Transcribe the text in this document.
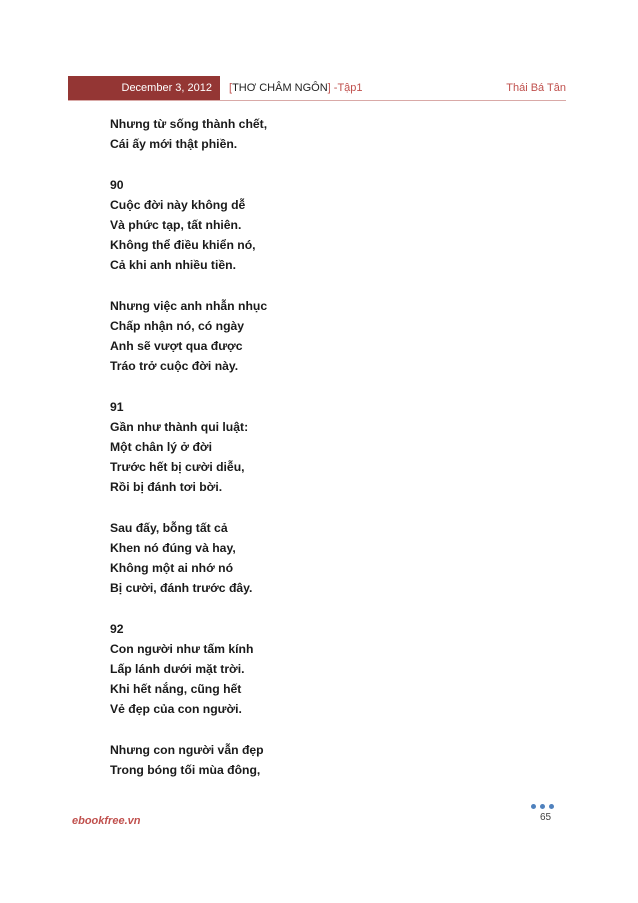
December 3, 2012	[THƠ CHÂM NGÔN] -Tập1	Thái Bá Tân
Nhưng từ sống thành chết,
Cái ấy mới thật phiền.
90
Cuộc đời này không dễ
Và phức tạp, tất nhiên.
Không thể điều khiển nó,
Cả khi anh nhiều tiền.
Nhưng việc anh nhẫn nhục
Chấp nhận nó, có ngày
Anh sẽ vượt qua được
Tráo trở cuộc đời này.
91
Gần như thành qui luật:
Một chân lý ở đời
Trước hết bị cười diễu,
Rồi bị đánh tơi bời.
Sau đấy, bỗng tất cả
Khen nó đúng và hay,
Không một ai nhớ nó
Bị cười, đánh trước đây.
92
Con người như tấm kính
Lấp lánh dưới mặt trời.
Khi hết nắng, cũng hết
Vẻ đẹp của con người.
Nhưng con người vẫn đẹp
Trong bóng tối mùa đông,
65
ebookfree.vn
